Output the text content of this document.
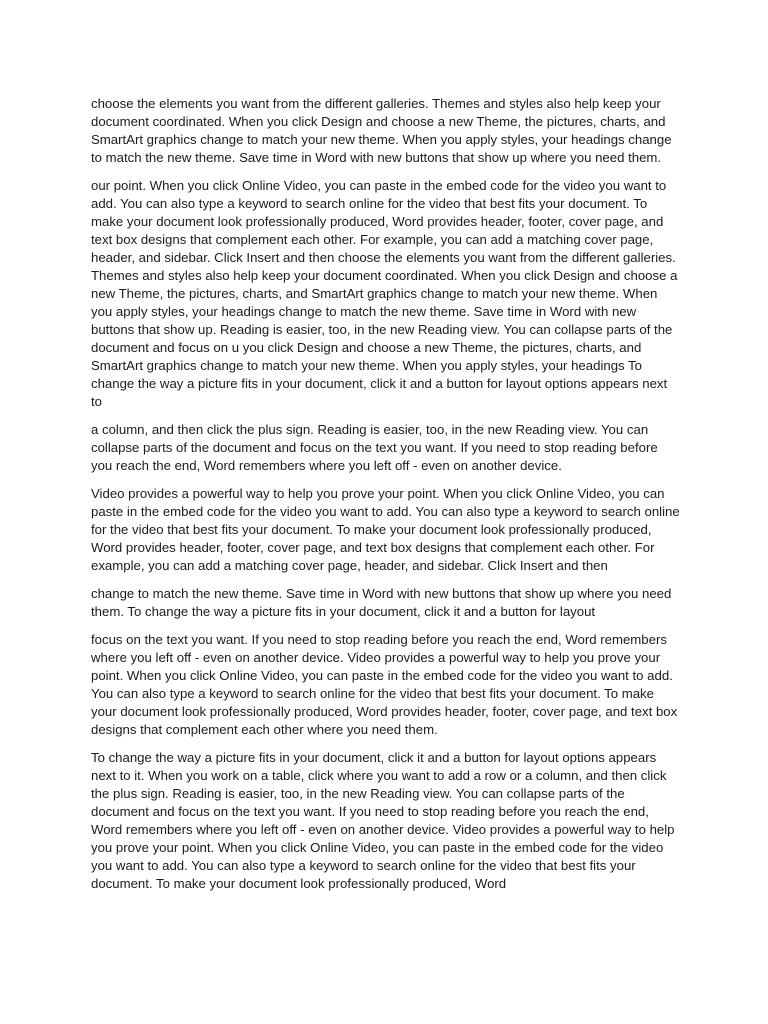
choose the elements you want from the different galleries. Themes and styles also help keep your document coordinated. When you click Design and choose a new Theme, the pictures, charts, and SmartArt graphics change to match your new theme. When you apply styles, your headings change to match the new theme. Save time in Word with new buttons that show up where you need them.

our point. When you click Online Video, you can paste in the embed code for the video you want to add. You can also type a keyword to search online for the video that best fits your document. To make your document look professionally produced, Word provides header, footer, cover page, and text box designs that complement each other. For example, you can add a matching cover page, header, and sidebar. Click Insert and then choose the elements you want from the different galleries. Themes and styles also help keep your document coordinated. When you click Design and choose a new Theme, the pictures, charts, and SmartArt graphics change to match your new theme. When you apply styles, your headings change to match the new theme. Save time in Word with new buttons that show up. Reading is easier, too, in the new Reading view. You can collapse parts of the document and focus on u you click Design and choose a new Theme, the pictures, charts, and SmartArt graphics change to match your new theme. When you apply styles, your headings To change the way a picture fits in your document, click it and a button for layout options appears next to

a column, and then click the plus sign. Reading is easier, too, in the new Reading view. You can collapse parts of the document and focus on the text you want. If you need to stop reading before you reach the end, Word remembers where you left off - even on another device.

Video provides a powerful way to help you prove your point. When you click Online Video, you can paste in the embed code for the video you want to add. You can also type a keyword to search online for the video that best fits your document. To make your document look professionally produced, Word provides header, footer, cover page, and text box designs that complement each other. For example, you can add a matching cover page, header, and sidebar. Click Insert and then

change to match the new theme. Save time in Word with new buttons that show up where you need them. To change the way a picture fits in your document, click it and a button for layout

focus on the text you want. If you need to stop reading before you reach the end, Word remembers where you left off - even on another device. Video provides a powerful way to help you prove your point. When you click Online Video, you can paste in the embed code for the video you want to add. You can also type a keyword to search online for the video that best fits your document. To make your document look professionally produced, Word provides header, footer, cover page, and text box designs that complement each other where you need them.

To change the way a picture fits in your document, click it and a button for layout options appears next to it. When you work on a table, click where you want to add a row or a column, and then click the plus sign. Reading is easier, too, in the new Reading view. You can collapse parts of the document and focus on the text you want. If you need to stop reading before you reach the end, Word remembers where you left off - even on another device. Video provides a powerful way to help you prove your point. When you click Online Video, you can paste in the embed code for the video you want to add. You can also type a keyword to search online for the video that best fits your document. To make your document look professionally produced, Word
